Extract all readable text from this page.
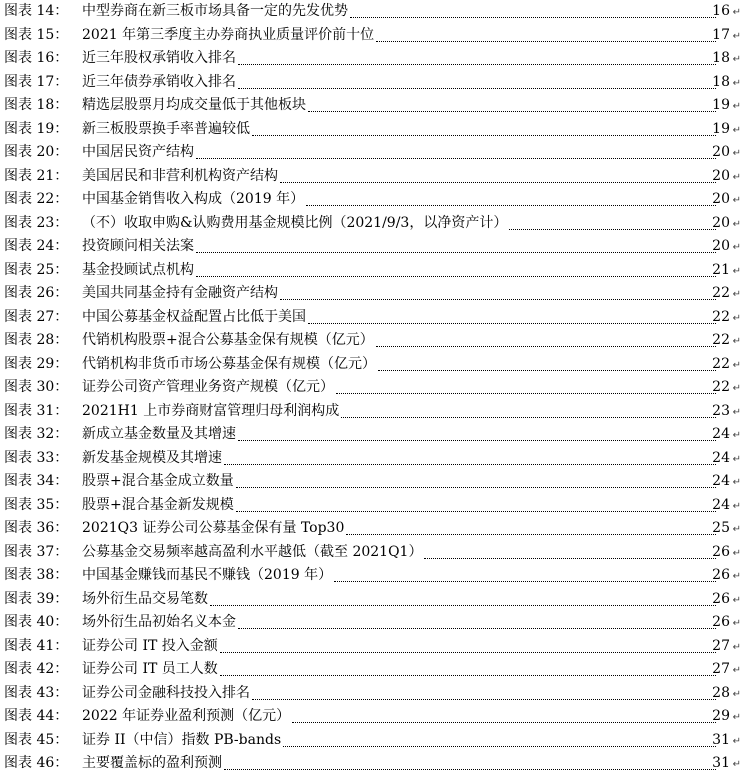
图表 14： 中型券商在新三板市场具备一定的先发优势	16 ↵
图表 15： 2021 年第三季度主办券商执业质量评价前十位	17 ↵
图表 16： 近三年股权承销收入排名	18 ↵
图表 17： 近三年债券承销收入排名	18 ↵
图表 18： 精选层股票月均成交量低于其他板块	19 ↵
图表 19： 新三板股票换手率普遍较低	19 ↵
图表 20： 中国居民资产结构	20 ↵
图表 21： 美国居民和非营利机构资产结构	20 ↵
图表 22： 中国基金销售收入构成（2019 年）	20 ↵
图表 23： （不）收取申购&认购费用基金规模比例（2021/9/3，以净资产计）	20 ↵
图表 24： 投资顾问相关法案	20 ↵
图表 25： 基金投顾试点机构	21 ↵
图表 26： 美国共同基金持有金融资产结构	22 ↵
图表 27： 中国公募基金权益配置占比低于美国	22 ↵
图表 28： 代销机构股票+混合公募基金保有规模（亿元）	22 ↵
图表 29： 代销机构非货币市场公募基金保有规模（亿元）	22 ↵
图表 30： 证券公司资产管理业务资产规模（亿元）	22 ↵
图表 31： 2021H1 上市券商财富管理归母利润构成	23 ↵
图表 32： 新成立基金数量及其增速	24 ↵
图表 33： 新发基金规模及其增速	24 ↵
图表 34： 股票+混合基金成立数量	24 ↵
图表 35： 股票+混合基金新发规模	24 ↵
图表 36： 2021Q3 证券公司公募基金保有量 Top30	25 ↵
图表 37： 公募基金交易频率越高盈利水平越低（截至 2021Q1）	26 ↵
图表 38： 中国基金赚钱而基民不赚钱（2019 年）	26 ↵
图表 39： 场外衍生品交易笔数	26 ↵
图表 40： 场外衍生品初始名义本金	26 ↵
图表 41： 证券公司 IT 投入金额	27 ↵
图表 42： 证券公司 IT 员工人数	27 ↵
图表 43： 证券公司金融科技投入排名	28 ↵
图表 44： 2022 年证券业盈利预测（亿元）	29 ↵
图表 45： 证券 II（中信）指数 PB-bands	31 ↵
图表 46： 主要覆盖标的盈利预测	31 ↵
